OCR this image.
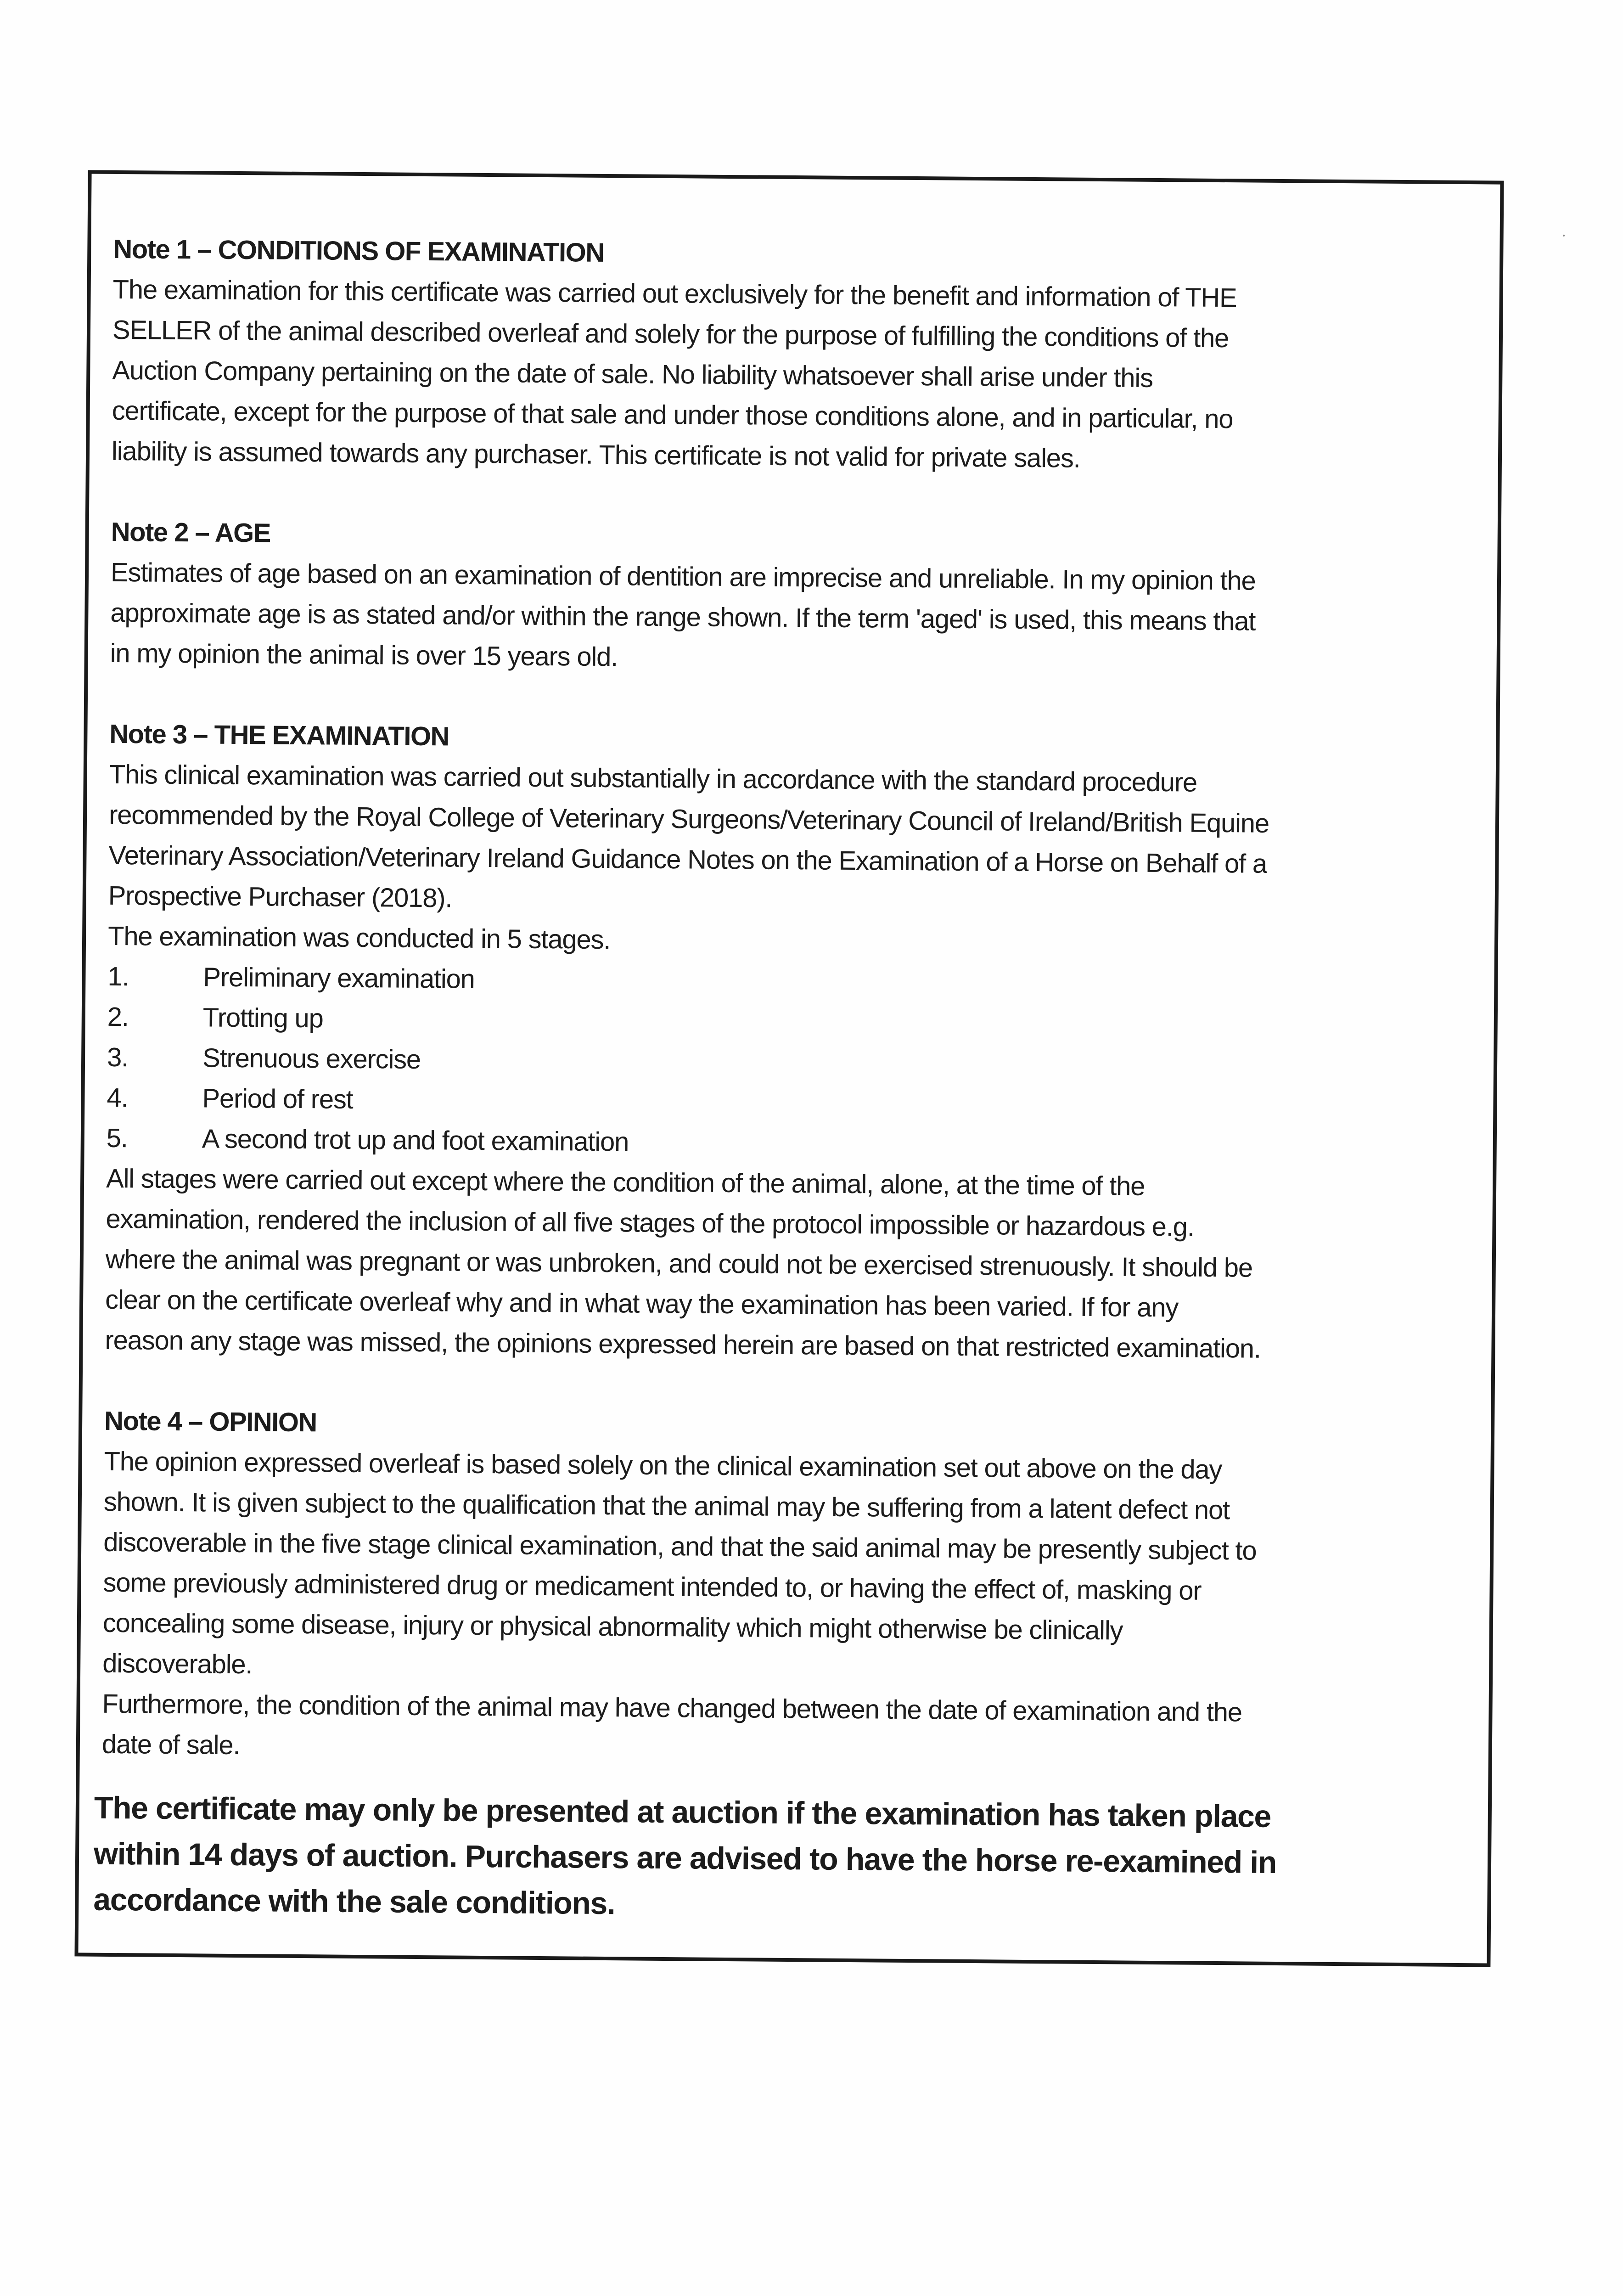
Note 1 – CONDITIONS OF EXAMINATION

The examination for this certificate was carried out exclusively for the benefit and information of THE
SELLER of the animal described overleaf and solely for the purpose of fulfilling the conditions of the
Auction Company pertaining on the date of sale. No liability whatsoever shall arise under this
certificate, except for the purpose of that sale and under those conditions alone, and in particular, no
liability is assumed towards any purchaser. This certificate is not valid for private sales.

Note 2 – AGE

Estimates of age based on an examination of dentition are imprecise and unreliable. In my opinion the
approximate age is as stated and/or within the range shown. If the term 'aged' is used, this means that
in my opinion the animal is over 15 years old.

Note 3 – THE EXAMINATION

This clinical examination was carried out substantially in accordance with the standard procedure
recommended by the Royal College of Veterinary Surgeons/Veterinary Council of Ireland/British Equine
Veterinary Association/Veterinary Ireland Guidance Notes on the Examination of a Horse on Behalf of a
Prospective Purchaser (2018).
The examination was conducted in 5 stages.

1.	Preliminary examination
2.	Trotting up
3.	Strenuous exercise
4.	Period of rest
5.	A second trot up and foot examination

All stages were carried out except where the condition of the animal, alone, at the time of the
examination, rendered the inclusion of all five stages of the protocol impossible or hazardous e.g.
where the animal was pregnant or was unbroken, and could not be exercised strenuously. It should be
clear on the certificate overleaf why and in what way the examination has been varied. If for any
reason any stage was missed, the opinions expressed herein are based on that restricted examination.

Note 4 – OPINION

The opinion expressed overleaf is based solely on the clinical examination set out above on the day
shown. It is given subject to the qualification that the animal may be suffering from a latent defect not
discoverable in the five stage clinical examination, and that the said animal may be presently subject to
some previously administered drug or medicament intended to, or having the effect of, masking or
concealing some disease, injury or physical abnormality which might otherwise be clinically
discoverable.
Furthermore, the condition of the animal may have changed between the date of examination and the
date of sale.

The certificate may only be presented at auction if the examination has taken place
within 14 days of auction. Purchasers are advised to have the horse re-examined in
accordance with the sale conditions.
